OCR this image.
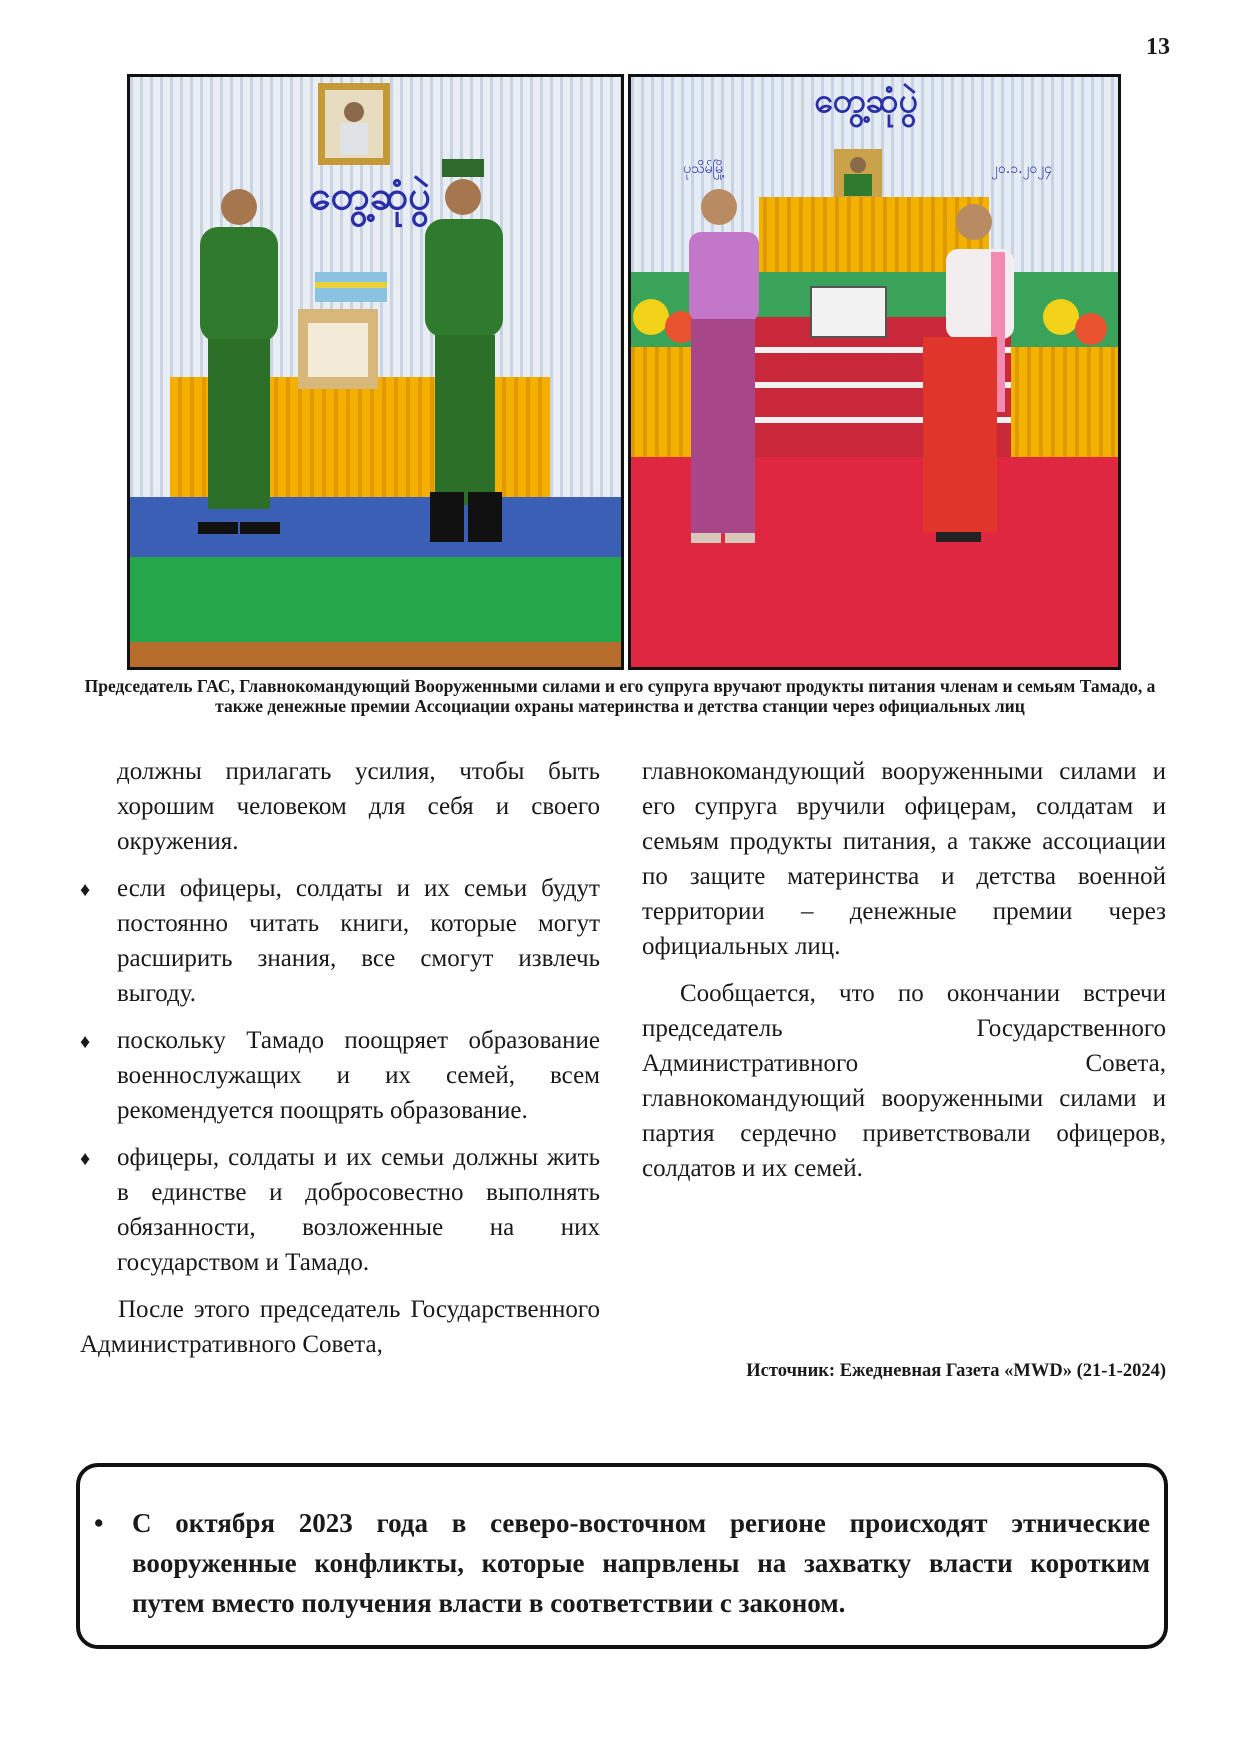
13
တွေ့ဆုံပွဲ
တွေ့ဆုံပွဲ
ပုသိမ်မြို့	၂၀.၁.၂၀၂၄
Председатель ГАС, Главнокомандующий Вооруженными силами и его супруга вручают продукты питания членам и семьям Тамадо, а также денежные премии Ассоциации охраны материнства и детства станции через официальных лиц

должны прилагать усилия, чтобы быть хорошим человеком для себя и своего окружения.

♦ если офицеры, солдаты и их семьи будут постоянно читать книги, которые могут расширить знания, все смогут извлечь выгоду.
♦ поскольку Тамадо поощряет образование военнослужащих и их семей, всем рекомендуется поощрять образование.
♦ офицеры, солдаты и их семьи должны жить в единстве и добросовестно выполнять обязанности, возложенные на них государством и Тамадо.

После этого председатель Государственного Административного Совета,

главнокомандующий вооруженными силами и его супруга вручили офицерам, солдатам и семьям продукты питания, а также ассоциации по защите материнства и детства военной территории – денежные премии через официальных лиц.

Сообщается, что по окончании встречи председатель Государственного Административного Совета, главнокомандующий вооруженными силами и партия сердечно приветствовали офицеров, солдатов и их семей.

Источник: Ежедневная Газета «MWD» (21-1-2024)
• С октября 2023 года в северо-восточном регионе происходят этнические вооруженные конфликты, которые напрвлены на захватку власти коротким путем вместо получения власти в соответствии с законом.
